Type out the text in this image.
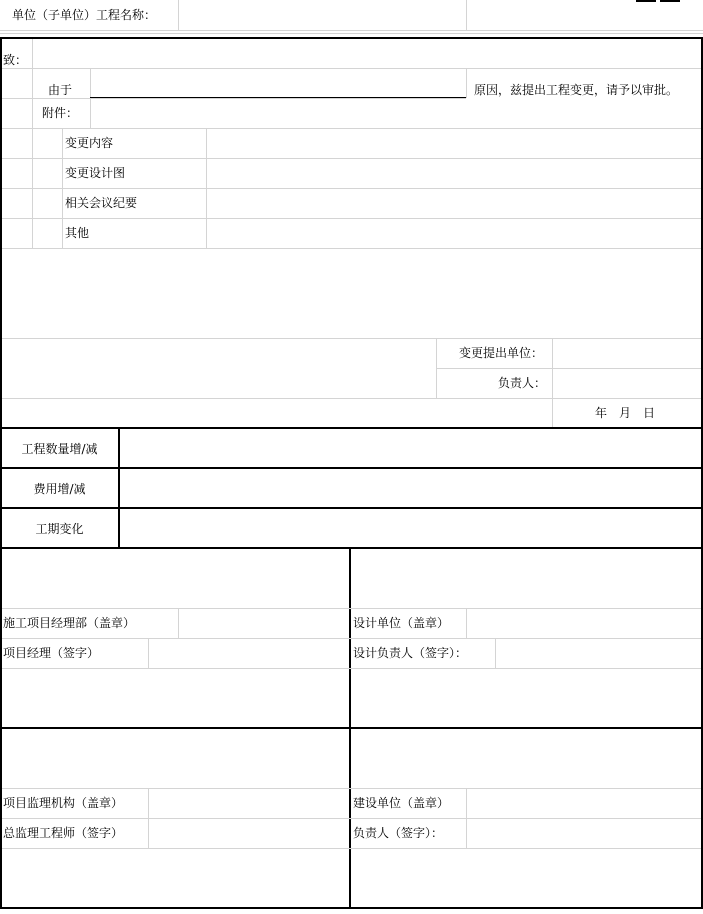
单位（子单位）工程名称：
致：
由于	原因，兹提出工程变更，请予以审批。
附件：
变更内容
变更设计图
相关会议纪要
其他
变更提出单位：
负责人：
年　月　日
工程数量增/减
费用增/减
工期变化
施工项目经理部（盖章）
项目经理（签字）
设计单位（盖章）
设计负责人（签字）：
项目监理机构（盖章）
总监理工程师（签字）
建设单位（盖章）
负责人（签字）：
